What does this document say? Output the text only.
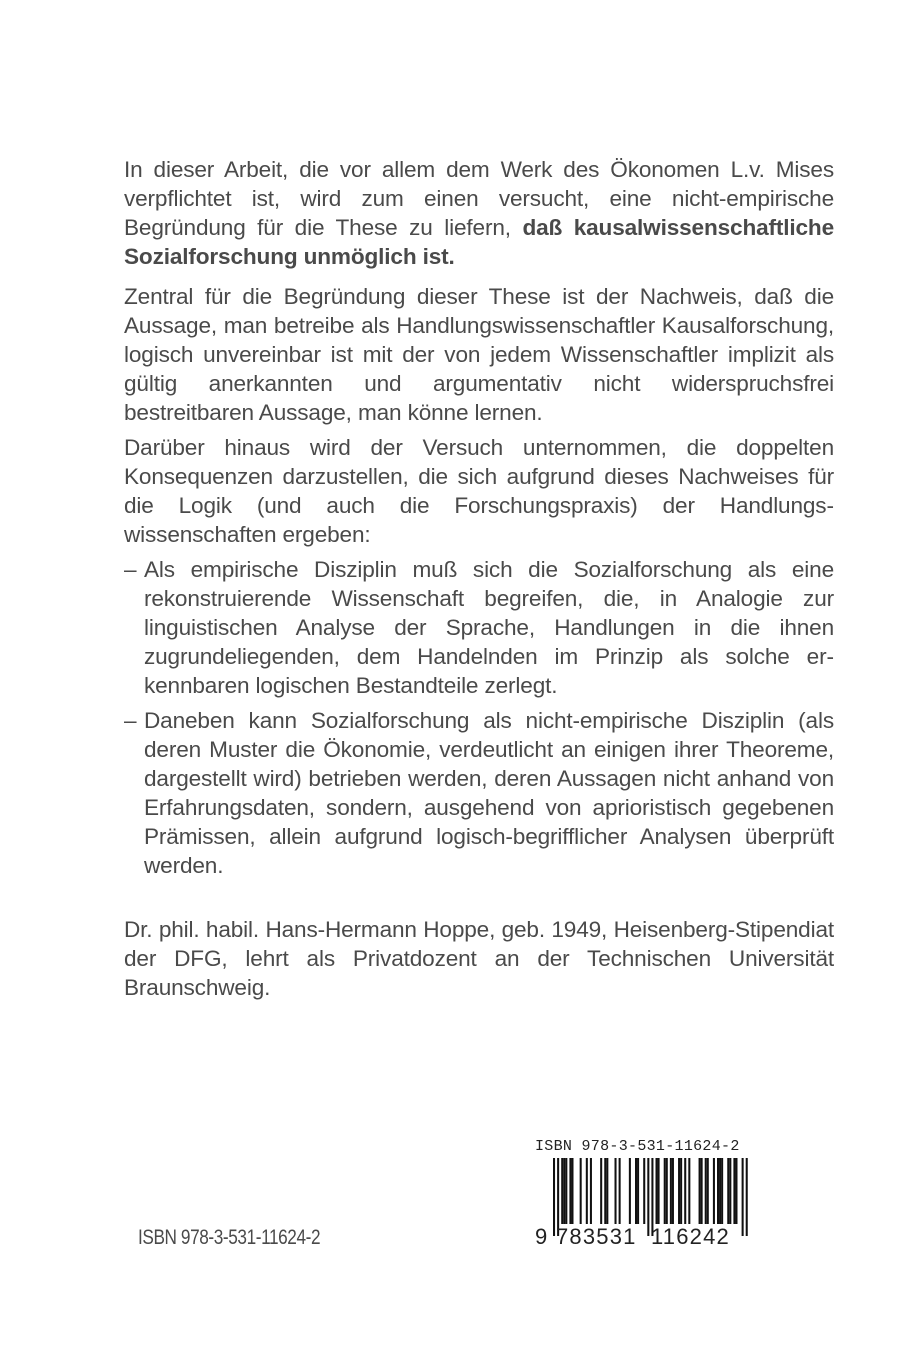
In dieser Arbeit, die vor allem dem Werk des Ökonomen L.v. Mises verpflichtet ist, wird zum einen versucht, eine nicht-empirische Begründung für die These zu liefern, daß kausalwissenschaftliche Sozialforschung unmöglich ist.

Zentral für die Begründung dieser These ist der Nachweis, daß die Aussage, man betreibe als Handlungswissenschaftler Kausalforschung, logisch unvereinbar ist mit der von jedem Wissenschaftler implizit als gültig anerkannten und argumentativ nicht widerspruchsfrei bestreitbaren Aussage, man könne lernen.

Darüber hinaus wird der Versuch unternommen, die doppelten Konsequenzen darzustellen, die sich aufgrund dieses Nachweises für die Logik (und auch die Forschungspraxis) der Handlungswissenschaften ergeben:

– Als empirische Disziplin muß sich die Sozialforschung als eine rekonstruierende Wissenschaft begreifen, die, in Analogie zur linguistischen Analyse der Sprache, Handlungen in die ihnen zugrundeliegenden, dem Handelnden im Prinzip als solche erkennbaren logischen Bestandteile zerlegt.
– Daneben kann Sozialforschung als nicht-empirische Disziplin (als deren Muster die Ökonomie, verdeutlicht an einigen ihrer Theoreme, dargestellt wird) betrieben werden, deren Aussagen nicht anhand von Erfahrungsdaten, sondern, ausgehend von aprioristisch gegebenen Prämissen, allein aufgrund logisch-begrifflicher Analysen überprüft werden.

Dr. phil. habil. Hans-Hermann Hoppe, geb. 1949, Heisenberg-Stipendiat der DFG, lehrt als Privatdozent an der Technischen Universität Braunschweig.

ISBN 978-3-531-11624-2
ISBN 978-3-531-11624-2
9 783531 116242
